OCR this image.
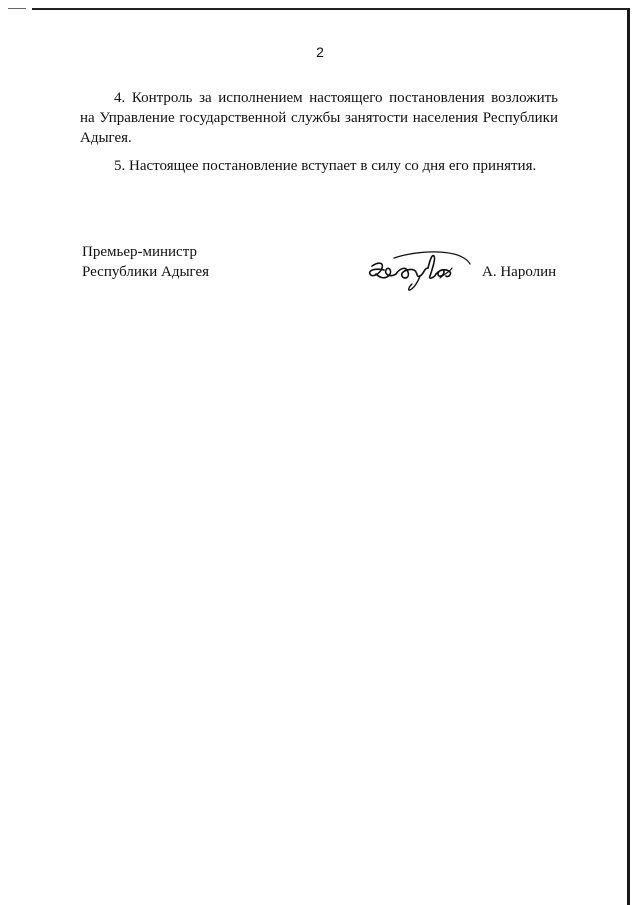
2
4. Контроль за исполнением настоящего постановления возложить на Управление государственной службы занятости населения Республики Адыгея.
5. Настоящее постановление вступает в силу со дня его принятия.
Премьер-министр
Республики Адыгея	А. Наролин
